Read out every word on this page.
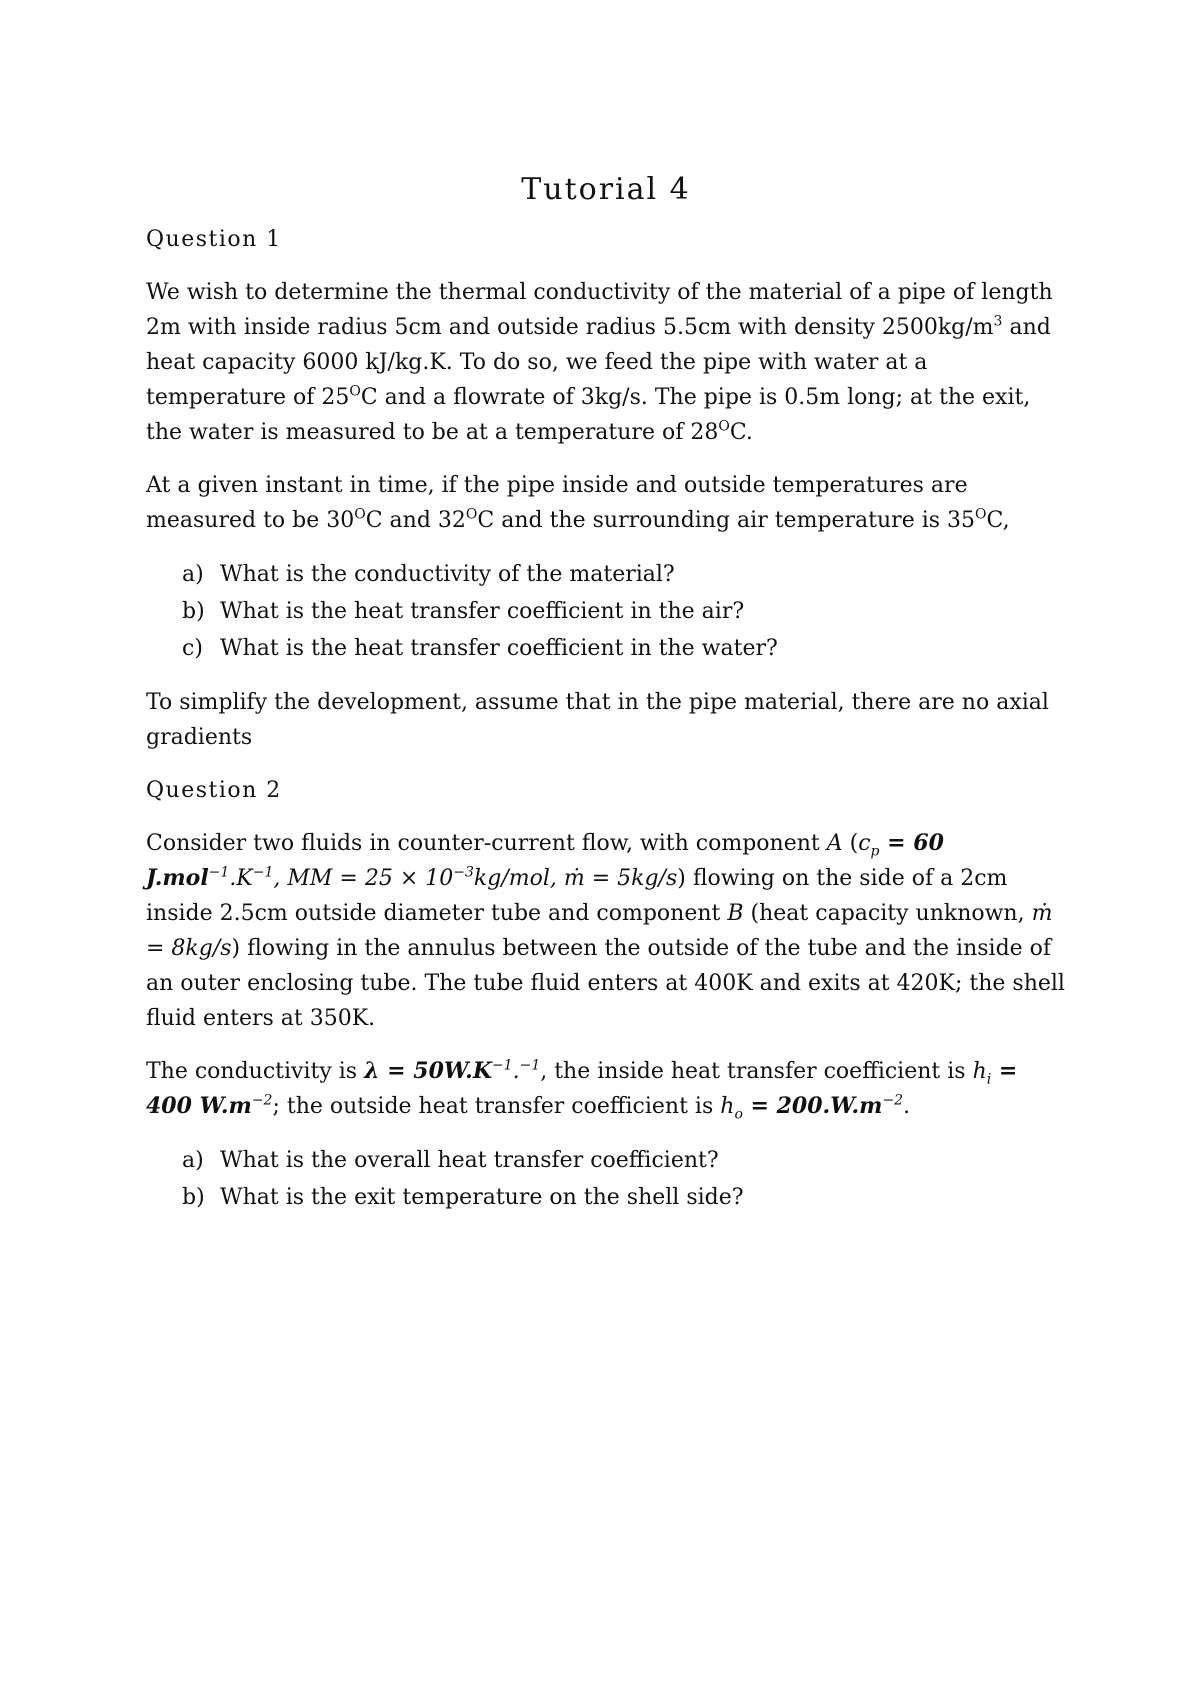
Tutorial 4
Question 1

We wish to determine the thermal conductivity of the material of a pipe of length 2m with inside radius 5cm and outside radius 5.5cm with density $2500kg/m^3$ and heat capacity 6000 kJ/kg.K. To do so, we feed the pipe with water at a temperature of $25^OC$ and a flowrate of 3kg/s. The pipe is 0.5m long; at the exit, the water is measured to be at a temperature of $28^OC$.

At a given instant in time, if the pipe inside and outside temperatures are measured to be $30^OC$ and $32^OC$ and the surrounding air temperature is $35^OC$,

a) What is the conductivity of the material?
b) What is the heat transfer coefficient in the air?
c) What is the heat transfer coefficient in the water?

To simplify the development, assume that in the pipe material, there are no axial gradients

Question 2

Consider two fluids in counter-current flow, with component A ($c_p = 60$ $J.mol^{-1}.K^{-1}$, MM = $25 \times 10^{-3}kg$/mol, ṁ = 5kg/s) flowing on the side of a 2cm inside 2.5cm outside diameter tube and component B (heat capacity unknown, ṁ = 8kg/s) flowing in the annulus between the outside of the tube and the inside of an outer enclosing tube. The tube fluid enters at 400K and exits at 420K; the shell fluid enters at 350K.

The conductivity is $\lambda = 50W.K^{-1}.^{-1}$, the inside heat transfer coefficient is $h_i = 400$ $W.m^{-2}$; the outside heat transfer coefficient is $h_o = 200.W.m^{-2}$.

a) What is the overall heat transfer coefficient?
b) What is the exit temperature on the shell side?
